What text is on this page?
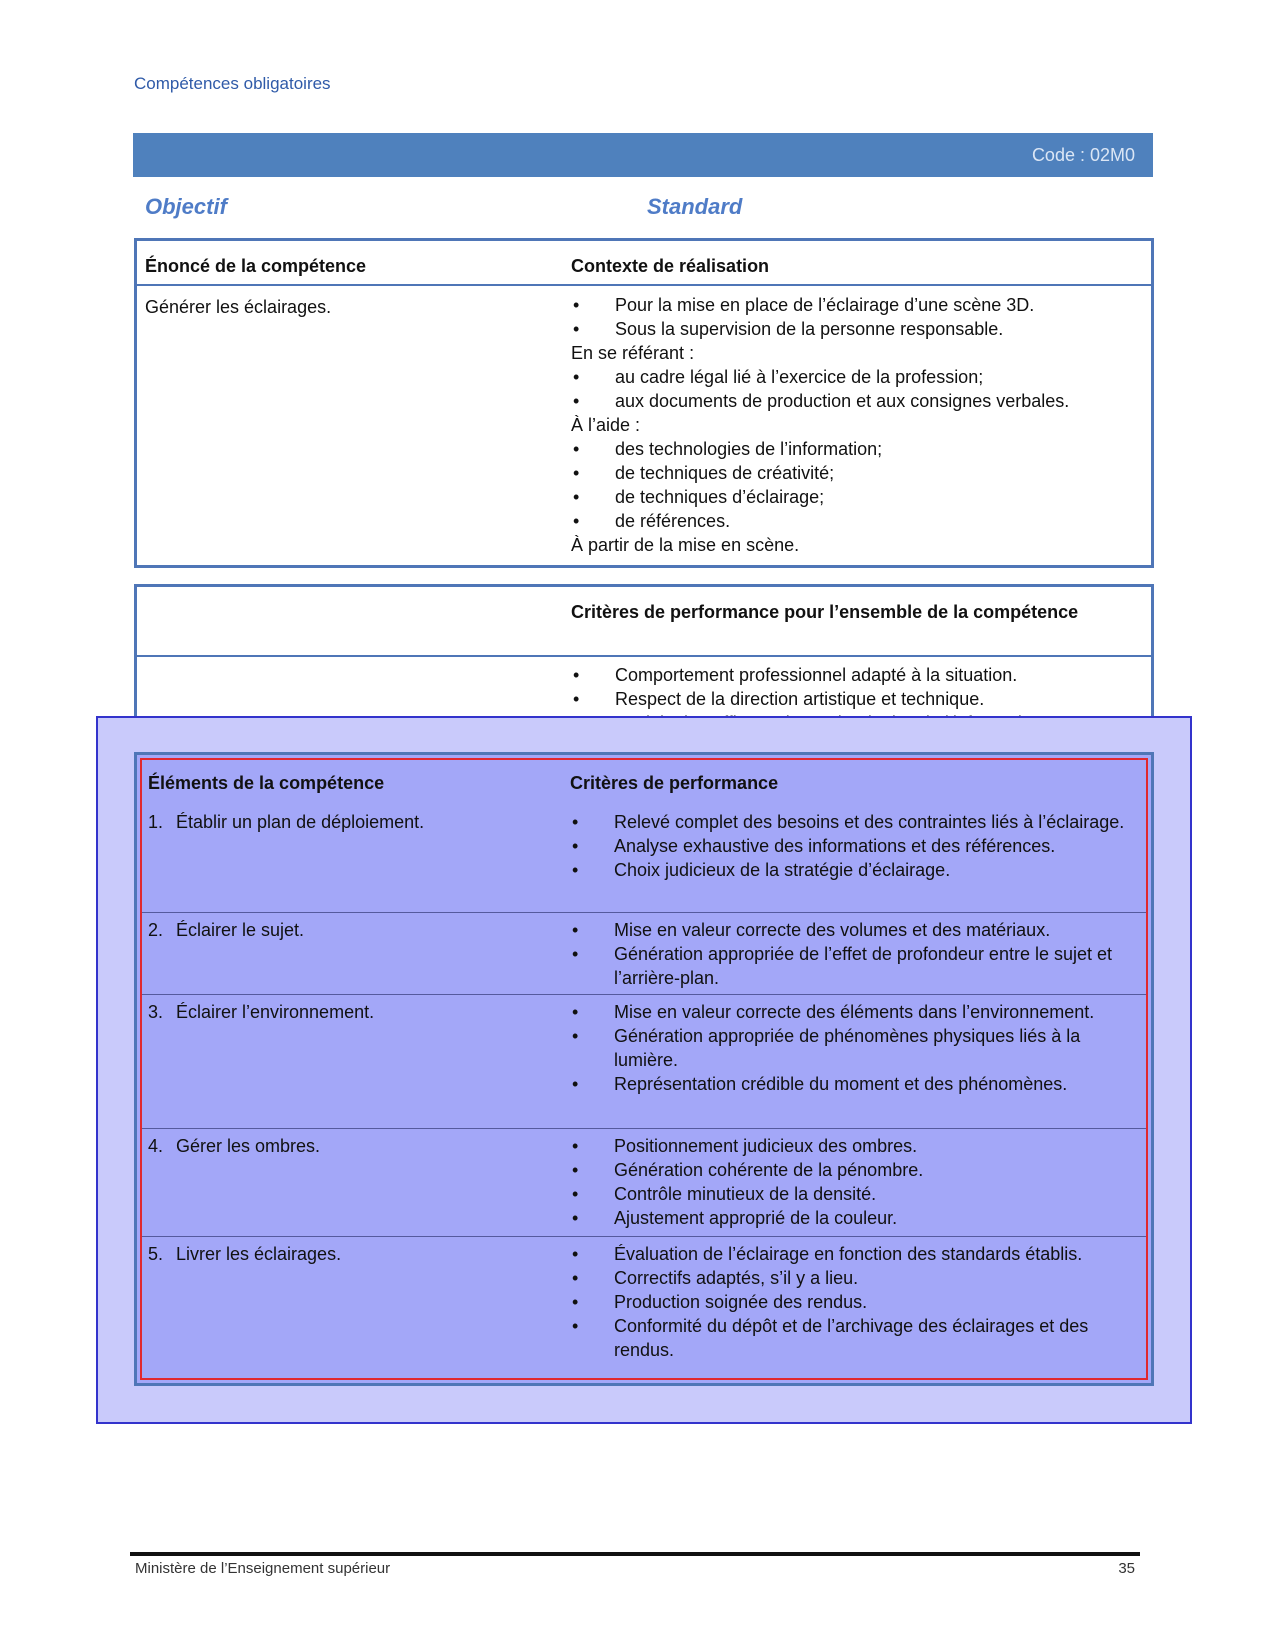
Compétences obligatoires
Code : 02M0
Objectif	Standard
Énoncé de la compétence	Contexte de réalisation
Générer les éclairages.	• Pour la mise en place de l’éclairage d’une scène 3D.
• Sous la supervision de la personne responsable.
En se référant :
• au cadre légal lié à l’exercice de la profession;
• aux documents de production et aux consignes verbales.
À l’aide :
• des technologies de l’information;
• de techniques de créativité;
• de techniques d’éclairage;
• de références.
À partir de la mise en scène.
Critères de performance pour l’ensemble de la compétence
• Comportement professionnel adapté à la situation.
• Respect de la direction artistique et technique.
•
Éléments de la compétence	Critères de performance
1. Établir un plan de déploiement.	• Relevé complet des besoins et des contraintes liés à l’éclairage.
• Analyse exhaustive des informations et des références.
• Choix judicieux de la stratégie d’éclairage.
2. Éclairer le sujet.	• Mise en valeur correcte des volumes et des matériaux.
• Génération appropriée de l’effet de profondeur entre le sujet et l’arrière-plan.
3. Éclairer l’environnement.	• Mise en valeur correcte des éléments dans l’environnement.
• Génération appropriée de phénomènes physiques liés à la lumière.
• Représentation crédible du moment et des phénomènes.
4. Gérer les ombres.	• Positionnement judicieux des ombres.
• Génération cohérente de la pénombre.
• Contrôle minutieux de la densité.
• Ajustement approprié de la couleur.
5. Livrer les éclairages.	• Évaluation de l’éclairage en fonction des standards établis.
• Correctifs adaptés, s’il y a lieu.
• Production soignée des rendus.
• Conformité du dépôt et de l’archivage des éclairages et des rendus.
Ministère de l’Enseignement supérieur	35
